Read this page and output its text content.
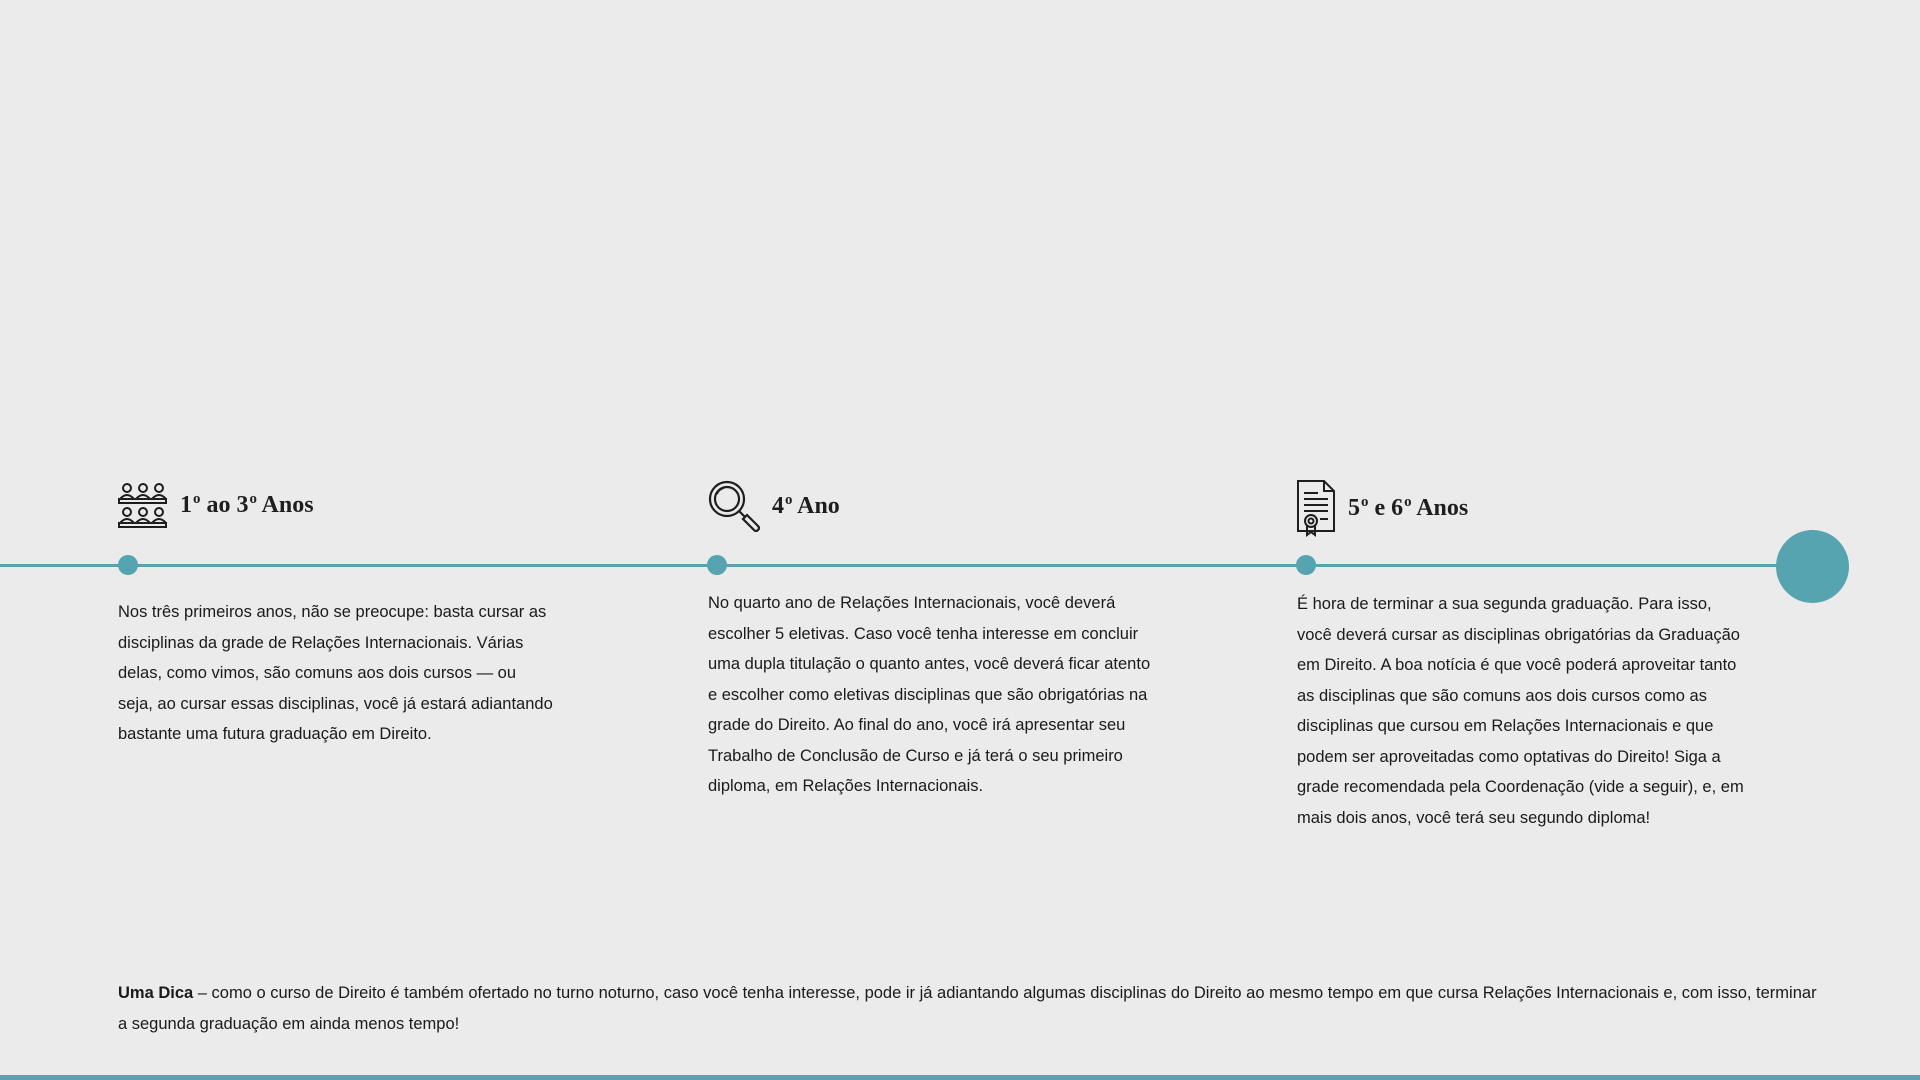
1$^o$ ao 3$^o$ Anos

Nos três primeiros anos, não se preocupe: basta cursar as disciplinas da grade de Relações Internacionais. Várias delas, como vimos, são comuns aos dois cursos — ou seja, ao cursar essas disciplinas, você já estará adiantando bastante uma futura graduação em Direito.

4$^o$ Ano

No quarto ano de Relações Internacionais, você deverá escolher 5 eletivas. Caso você tenha interesse em concluir uma dupla titulação o quanto antes, você deverá ficar atento e escolher como eletivas disciplinas que são obrigatórias na grade do Direito. Ao final do ano, você irá apresentar seu Trabalho de Conclusão de Curso e já terá o seu primeiro diploma, em Relações Internacionais.

5$^o$ e 6$^o$ Anos

É hora de terminar a sua segunda graduação. Para isso, você deverá cursar as disciplinas obrigatórias da Graduação em Direito. A boa notícia é que você poderá aproveitar tanto as disciplinas que são comuns aos dois cursos como as disciplinas que cursou em Relações Internacionais e que podem ser aproveitadas como optativas do Direito! Siga a grade recomendada pela Coordenação (vide a seguir), e, em mais dois anos, você terá seu segundo diploma!

Uma Dica – como o curso de Direito é também ofertado no turno noturno, caso você tenha interesse, pode ir já adiantando algumas disciplinas do Direito ao mesmo tempo em que cursa Relações Internacionais e, com isso, terminar a segunda graduação em ainda menos tempo!
